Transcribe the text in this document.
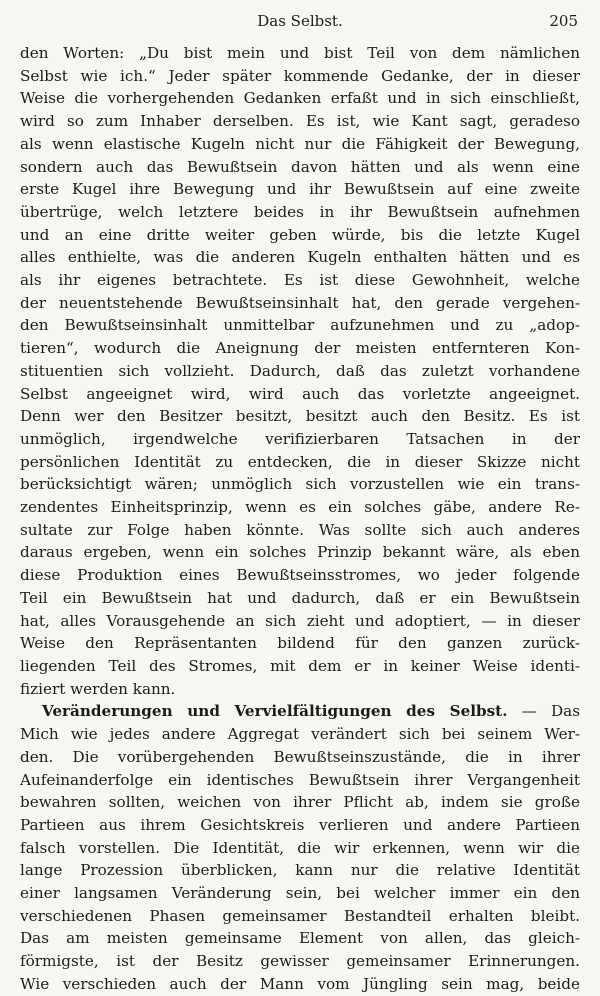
Das Selbst.	205
den Worten: „Du bist mein und bist Teil von dem nämlichen
Selbst wie ich.“ Jeder später kommende Gedanke, der in dieser
Weise die vorhergehenden Gedanken erfaßt und in sich einschließt,
wird so zum Inhaber derselben. Es ist, wie Kant sagt, geradeso
als wenn elastische Kugeln nicht nur die Fähigkeit der Bewegung,
sondern auch das Bewußtsein davon hätten und als wenn eine
erste Kugel ihre Bewegung und ihr Bewußtsein auf eine zweite
übertrüge, welch letztere beides in ihr Bewußtsein aufnehmen
und an eine dritte weiter geben würde, bis die letzte Kugel
alles enthielte, was die anderen Kugeln enthalten hätten und es
als ihr eigenes betrachtete. Es ist diese Gewohnheit, welche
der neuentstehende Bewußtseinsinhalt hat, den gerade vergehen-
den Bewußtseinsinhalt unmittelbar aufzunehmen und zu „adop-
tieren“, wodurch die Aneignung der meisten entfernteren Kon-
stituentien sich vollzieht. Dadurch, daß das zuletzt vorhandene
Selbst angeeignet wird, wird auch das vorletzte angeeignet.
Denn wer den Besitzer besitzt, besitzt auch den Besitz. Es ist
unmöglich, irgendwelche verifizierbaren Tatsachen in der
persönlichen Identität zu entdecken, die in dieser Skizze nicht
berücksichtigt wären; unmöglich sich vorzustellen wie ein trans-
zendentes Einheitsprinzip, wenn es ein solches gäbe, andere Re-
sultate zur Folge haben könnte. Was sollte sich auch anderes
daraus ergeben, wenn ein solches Prinzip bekannt wäre, als eben
diese Produktion eines Bewußtseinsstromes, wo jeder folgende
Teil ein Bewußtsein hat und dadurch, daß er ein Bewußtsein
hat, alles Vorausgehende an sich zieht und adoptiert, — in dieser
Weise den Repräsentanten bildend für den ganzen zurück-
liegenden Teil des Stromes, mit dem er in keiner Weise identi-
fiziert werden kann.
Veränderungen und Vervielfältigungen des Selbst. — Das
Mich wie jedes andere Aggregat verändert sich bei seinem Wer-
den. Die vorübergehenden Bewußtseinszustände, die in ihrer
Aufeinanderfolge ein identisches Bewußtsein ihrer Vergangenheit
bewahren sollten, weichen von ihrer Pflicht ab, indem sie große
Partieen aus ihrem Gesichtskreis verlieren und andere Partieen
falsch vorstellen. Die Identität, die wir erkennen, wenn wir die
lange Prozession überblicken, kann nur die relative Identität
einer langsamen Veränderung sein, bei welcher immer ein den
verschiedenen Phasen gemeinsamer Bestandteil erhalten bleibt.
Das am meisten gemeinsame Element von allen, das gleich-
förmigste, ist der Besitz gewisser gemeinsamer Erinnerungen.
Wie verschieden auch der Mann vom Jüngling sein mag, beide
